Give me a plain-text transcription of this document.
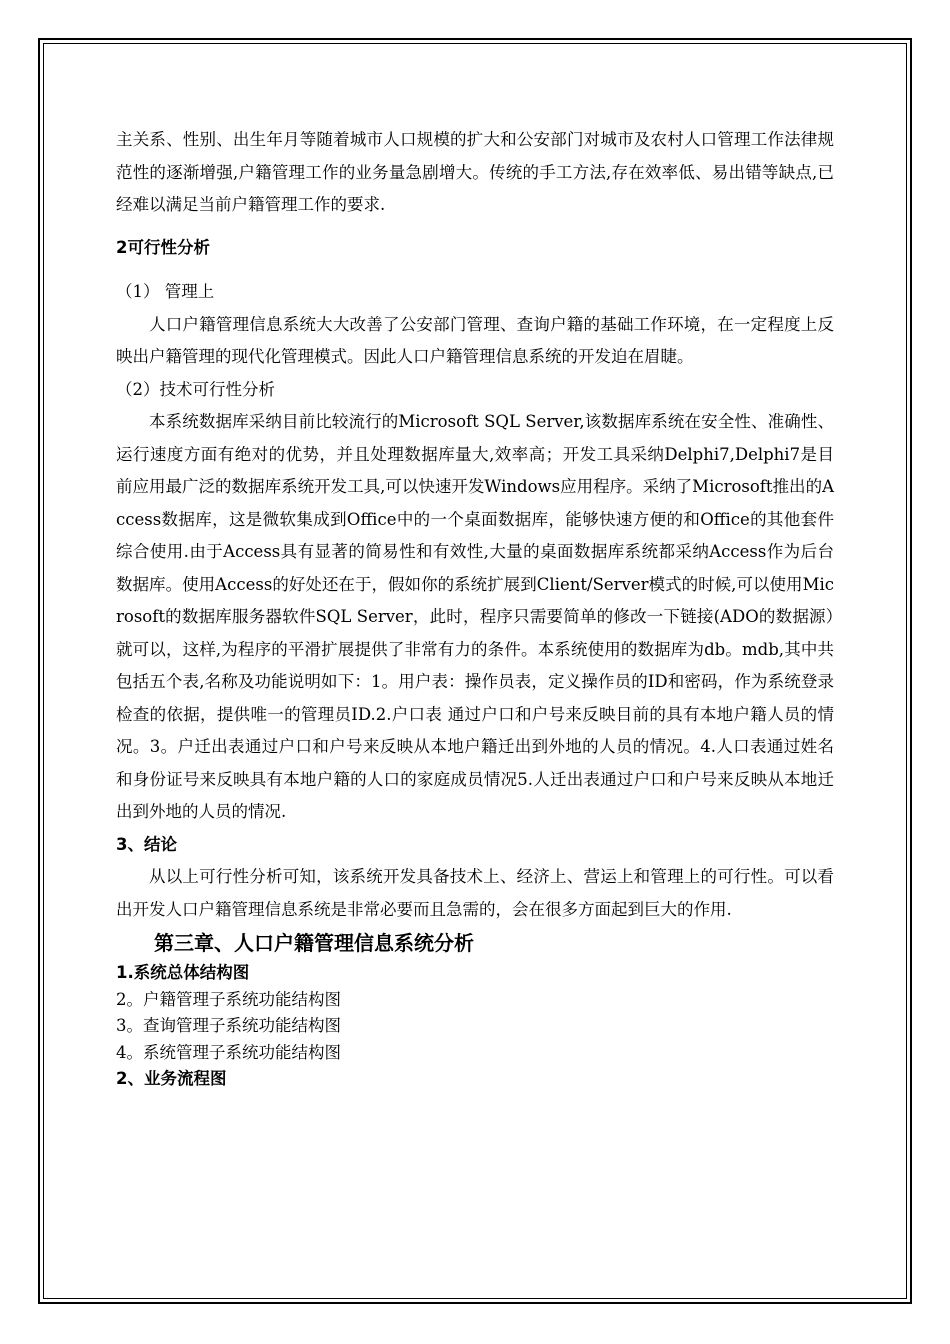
主关系、性别、出生年月等随着城市人口规模的扩大和公安部门对城市及农村人口管理工作法律规范性的逐渐增强,户籍管理工作的业务量急剧增大。传统的手工方法,存在效率低、易出错等缺点,已经难以满足当前户籍管理工作的要求.

2可行性分析

（1） 管理上

人口户籍管理信息系统大大改善了公安部门管理、查询户籍的基础工作环境，在一定程度上反映出户籍管理的现代化管理模式。因此人口户籍管理信息系统的开发迫在眉睫。

（2）技术可行性分析

本系统数据库采纳目前比较流行的Microsoft SQL Server,该数据库系统在安全性、准确性、运行速度方面有绝对的优势，并且处理数据库量大,效率高；开发工具采纳Delphi7,Delphi7是目前应用最广泛的数据库系统开发工具,可以快速开发Windows应用程序。采纳了Microsoft推出的Access数据库，这是微软集成到Office中的一个桌面数据库，能够快速方便的和Office的其他套件综合使用.由于Access具有显著的简易性和有效性,大量的桌面数据库系统都采纳Access作为后台数据库。使用Access的好处还在于，假如你的系统扩展到Client/Server模式的时候,可以使用Microsoft的数据库服务器软件SQL Server，此时，程序只需要简单的修改一下链接(ADO的数据源）就可以，这样,为程序的平滑扩展提供了非常有力的条件。本系统使用的数据库为db。mdb,其中共包括五个表,名称及功能说明如下：1。用户表：操作员表，定义操作员的ID和密码，作为系统登录检查的依据，提供唯一的管理员ID.2.户口表 通过户口和户号来反映目前的具有本地户籍人员的情况。3。户迁出表通过户口和户号来反映从本地户籍迁出到外地的人员的情况。4.人口表通过姓名和身份证号来反映具有本地户籍的人口的家庭成员情况5.人迁出表通过户口和户号来反映从本地迁出到外地的人员的情况.

3、结论

从以上可行性分析可知，该系统开发具备技术上、经济上、营运上和管理上的可行性。可以看出开发人口户籍管理信息系统是非常必要而且急需的，会在很多方面起到巨大的作用.

第三章、人口户籍管理信息系统分析

1.系统总体结构图

2。户籍管理子系统功能结构图

3。查询管理子系统功能结构图

4。系统管理子系统功能结构图

2、业务流程图
